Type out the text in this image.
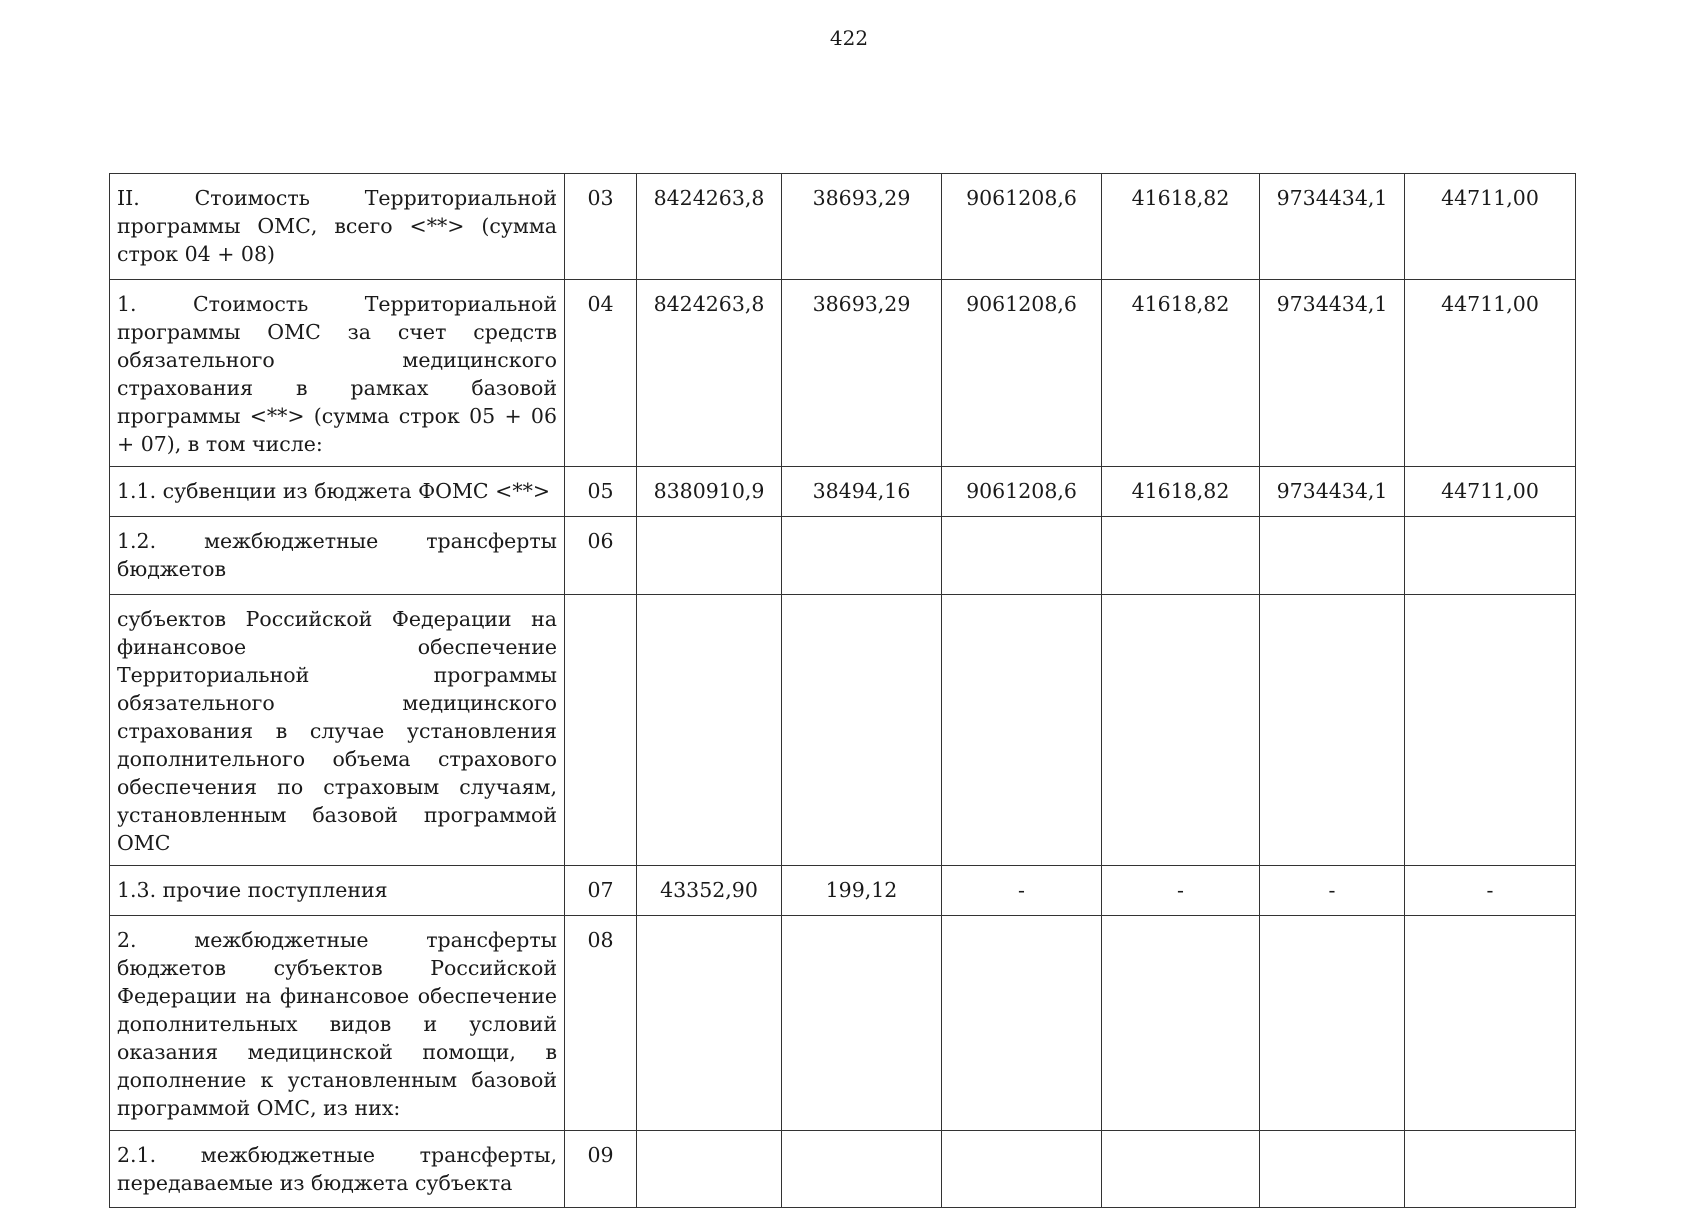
422
II. Стоимость Территориальной программы ОМС, всего <**> (сумма строк 04 + 08)	03	8424263,8	38693,29	9061208,6	41618,82	9734434,1	44711,00
1. Стоимость Территориальной программы ОМС за счет средств обязательного медицинского страхования в рамках базовой программы <**> (сумма строк 05 + 06 + 07), в том числе:	04	8424263,8	38693,29	9061208,6	41618,82	9734434,1	44711,00
1.1. субвенции из бюджета ФОМС <**>	05	8380910,9	38494,16	9061208,6	41618,82	9734434,1	44711,00
1.2. межбюджетные трансферты бюджетов	06						
субъектов Российской Федерации на финансовое обеспечение Территориальной программы обязательного медицинского страхования в случае установления дополнительного объема страхового обеспечения по страховым случаям, установленным базовой программой ОМС							
1.3. прочие поступления	07	43352,90	199,12	-	-	-	-
2. межбюджетные трансферты бюджетов субъектов Российской Федерации на финансовое обеспечение дополнительных видов и условий оказания медицинской помощи, в дополнение к установленным базовой программой ОМС, из них:	08						
2.1. межбюджетные трансферты, передаваемые из бюджета субъекта	09						
